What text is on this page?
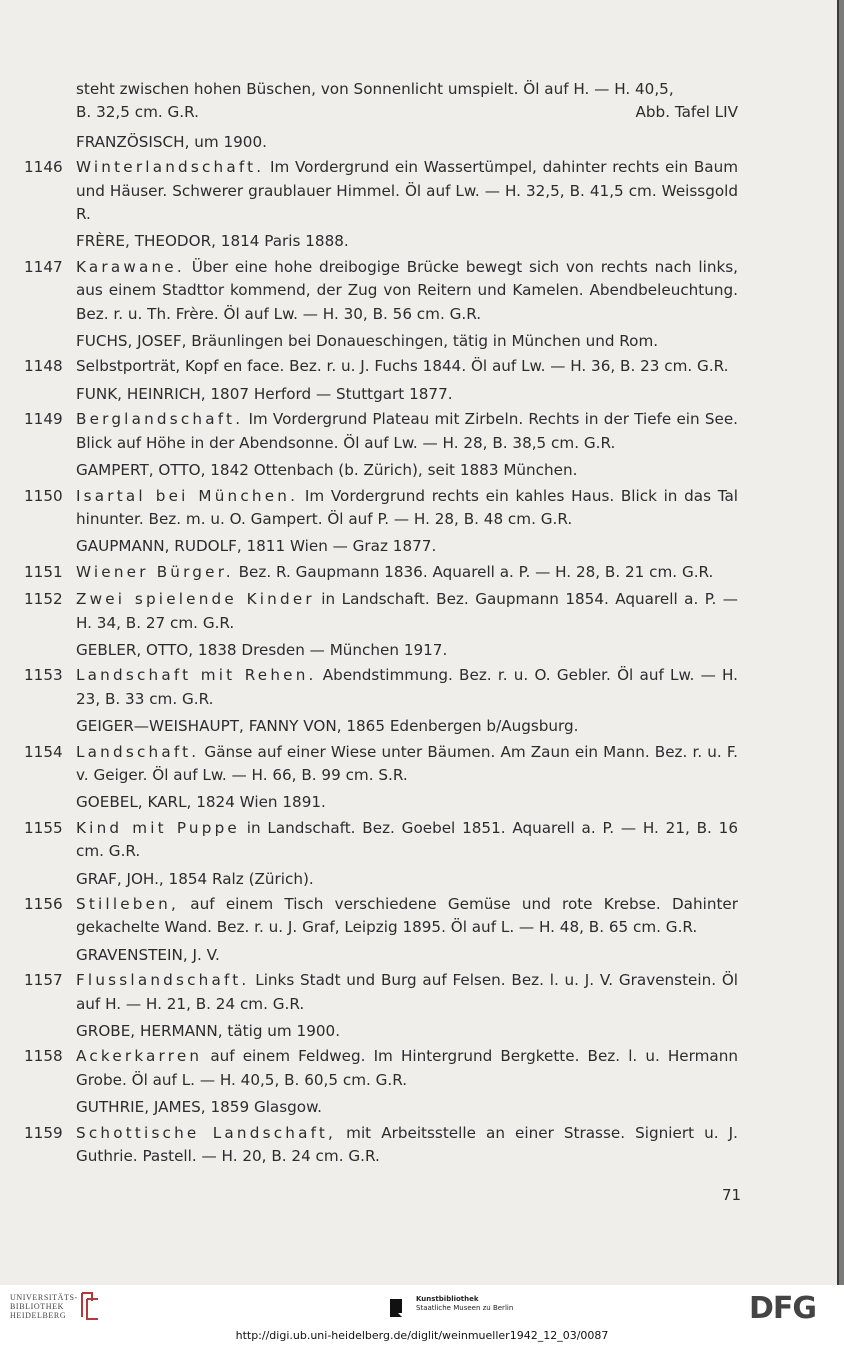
steht zwischen hohen Büschen, von Sonnenlicht umspielt. Öl auf H. — H. 40,5,
B. 32,5 cm. G.R.	Abb. Tafel LIV
FRANZÖSISCH, um 1900.
1146 Winterlandschaft. Im Vordergrund ein Wassertümpel, dahinter rechts ein Baum und Häuser. Schwerer graublauer Himmel. Öl auf Lw. — H. 32,5, B. 41,5 cm. Weissgold R.
FRÈRE, THEODOR, 1814 Paris 1888.
1147 Karawane. Über eine hohe dreibogige Brücke bewegt sich von rechts nach links, aus einem Stadttor kommend, der Zug von Reitern und Kamelen. Abendbeleuchtung. Bez. r. u. Th. Frère. Öl auf Lw. — H. 30, B. 56 cm. G.R.
FUCHS, JOSEF, Bräunlingen bei Donaueschingen, tätig in München und Rom.
1148 Selbstporträt, Kopf en face. Bez. r. u. J. Fuchs 1844. Öl auf Lw. — H. 36, B. 23 cm. G.R.
FUNK, HEINRICH, 1807 Herford — Stuttgart 1877.
1149 Berglandschaft. Im Vordergrund Plateau mit Zirbeln. Rechts in der Tiefe ein See. Blick auf Höhe in der Abendsonne. Öl auf Lw. — H. 28, B. 38,5 cm. G.R.
GAMPERT, OTTO, 1842 Ottenbach (b. Zürich), seit 1883 München.
1150 Isartal bei München. Im Vordergrund rechts ein kahles Haus. Blick in das Tal hinunter. Bez. m. u. O. Gampert. Öl auf P. — H. 28, B. 48 cm. G.R.
GAUPMANN, RUDOLF, 1811 Wien — Graz 1877.
1151 Wiener Bürger. Bez. R. Gaupmann 1836. Aquarell a. P. — H. 28, B. 21 cm. G.R.
1152 Zwei spielende Kinder in Landschaft. Bez. Gaupmann 1854. Aquarell a. P. — H. 34, B. 27 cm. G.R.
GEBLER, OTTO, 1838 Dresden — München 1917.
1153 Landschaft mit Rehen. Abendstimmung. Bez. r. u. O. Gebler. Öl auf Lw. — H. 23, B. 33 cm. G.R.
GEIGER—WEISHAUPT, FANNY VON, 1865 Edenbergen b/Augsburg.
1154 Landschaft. Gänse auf einer Wiese unter Bäumen. Am Zaun ein Mann. Bez. r. u. F. v. Geiger. Öl auf Lw. — H. 66, B. 99 cm. S.R.
GOEBEL, KARL, 1824 Wien 1891.
1155 Kind mit Puppe in Landschaft. Bez. Goebel 1851. Aquarell a. P. — H. 21, B. 16 cm. G.R.
GRAF, JOH., 1854 Ralz (Zürich).
1156 Stilleben, auf einem Tisch verschiedene Gemüse und rote Krebse. Dahinter gekachelte Wand. Bez. r. u. J. Graf, Leipzig 1895. Öl auf L. — H. 48, B. 65 cm. G.R.
GRAVENSTEIN, J. V.
1157 Flusslandschaft. Links Stadt und Burg auf Felsen. Bez. l. u. J. V. Gravenstein. Öl auf H. — H. 21, B. 24 cm. G.R.
GROBE, HERMANN, tätig um 1900.
1158 Ackerkarren auf einem Feldweg. Im Hintergrund Bergkette. Bez. l. u. Hermann Grobe. Öl auf L. — H. 40,5, B. 60,5 cm. G.R.
GUTHRIE, JAMES, 1859 Glasgow.
1159 Schottische Landschaft, mit Arbeitsstelle an einer Strasse. Signiert u. J. Guthrie. Pastell. — H. 20, B. 24 cm. G.R.
71
UNIVERSITÄTS-
BIBLIOTHEK
HEIDELBERG
Kunstbibliothek
Staatliche Museen zu Berlin	DFG
http://digi.ub.uni-heidelberg.de/diglit/weinmueller1942_12_03/0087
